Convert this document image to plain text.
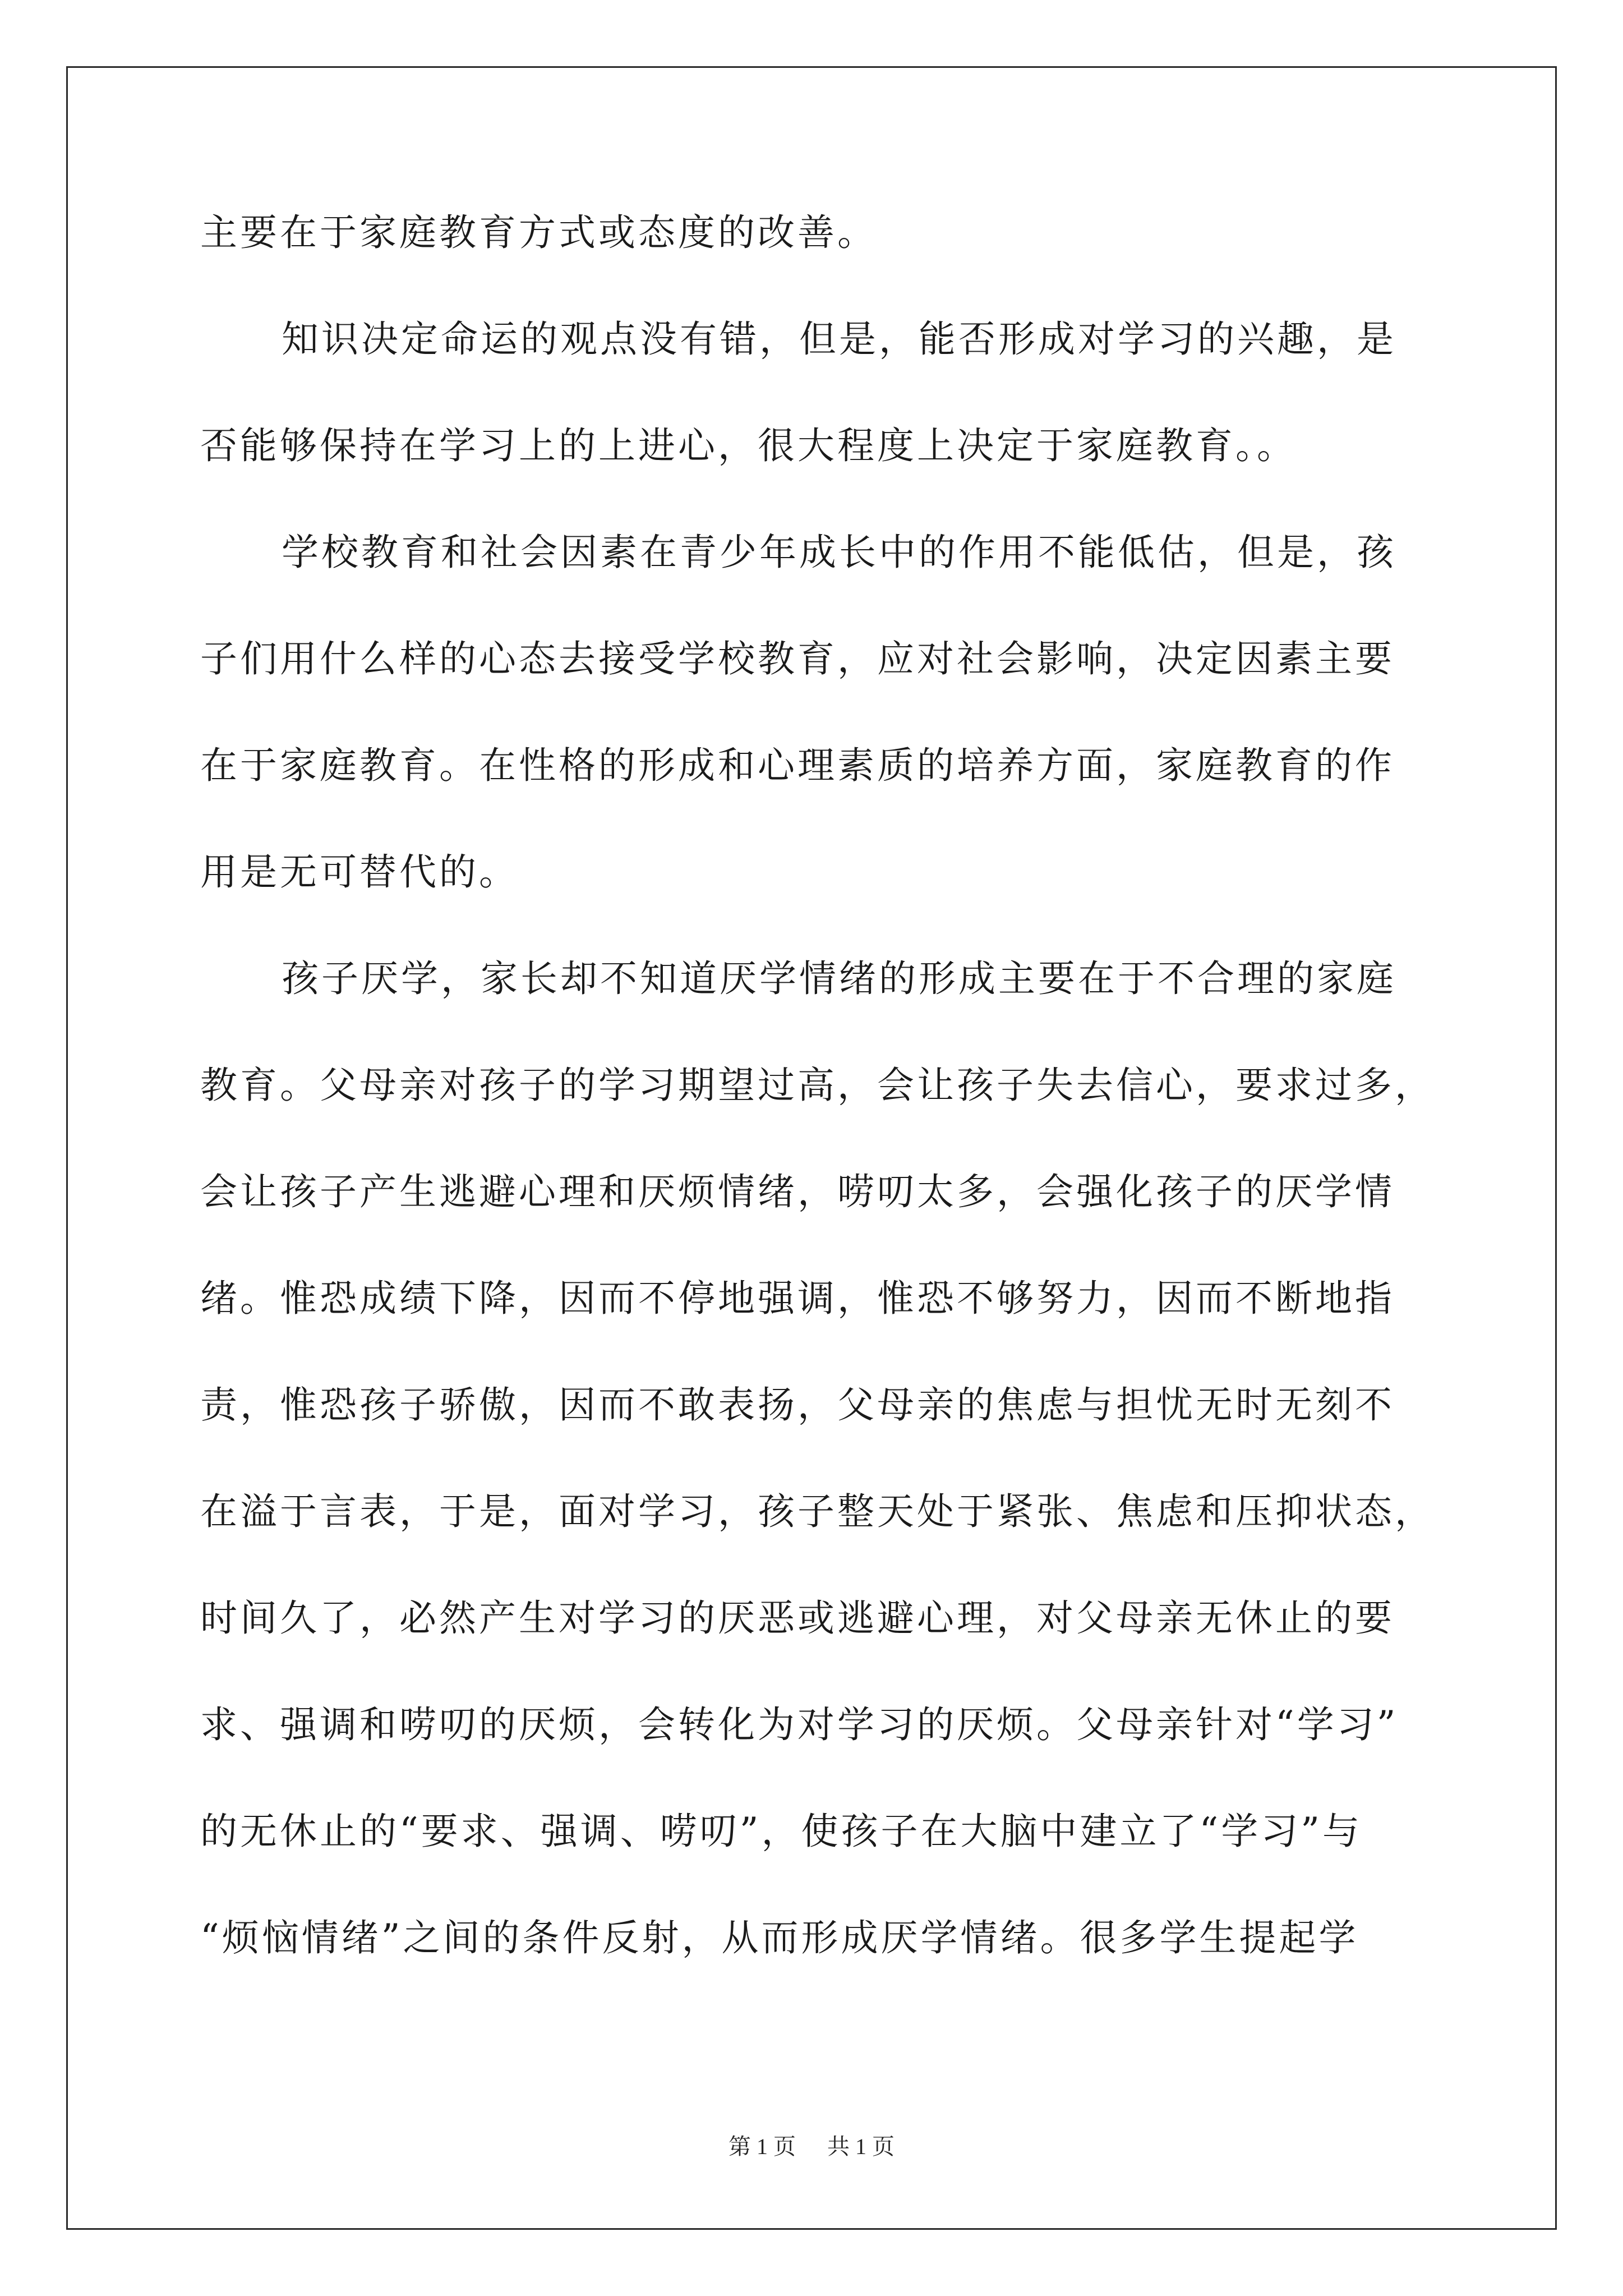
主要在于家庭教育方式或态度的改善。
知识决定命运的观点没有错，但是，能否形成对学习的兴趣，是
否能够保持在学习上的上进心，很大程度上决定于家庭教育。。
学校教育和社会因素在青少年成长中的作用不能低估，但是，孩
子们用什么样的心态去接受学校教育，应对社会影响，决定因素主要
在于家庭教育。在性格的形成和心理素质的培养方面，家庭教育的作
用是无可替代的。
孩子厌学，家长却不知道厌学情绪的形成主要在于不合理的家庭
教育。父母亲对孩子的学习期望过高，会让孩子失去信心，要求过多，
会让孩子产生逃避心理和厌烦情绪，唠叨太多，会强化孩子的厌学情
绪。惟恐成绩下降，因而不停地强调，惟恐不够努力，因而不断地指
责，惟恐孩子骄傲，因而不敢表扬，父母亲的焦虑与担忧无时无刻不
在溢于言表，于是，面对学习，孩子整天处于紧张、焦虑和压抑状态，
时间久了，必然产生对学习的厌恶或逃避心理，对父母亲无休止的要
求、强调和唠叨的厌烦，会转化为对学习的厌烦。父母亲针对“学习”
的无休止的“要求、强调、唠叨”，使孩子在大脑中建立了“学习”与
“烦恼情绪”之间的条件反射，从而形成厌学情绪。很多学生提起学
第 1 页 共 1 页
